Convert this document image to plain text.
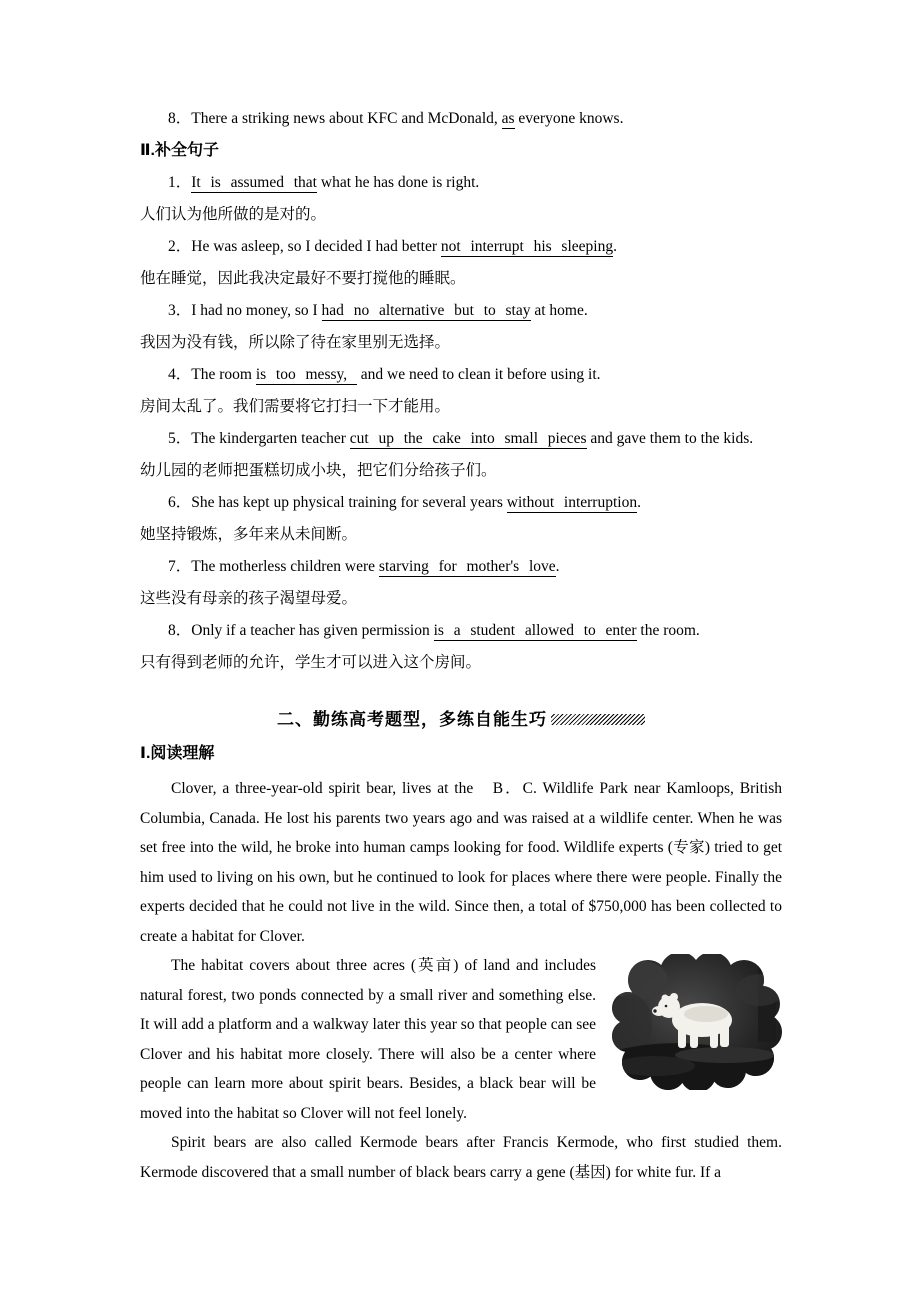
8．There a striking news about KFC and McDonald, as everyone knows.
Ⅱ.补全句子
1．It is assumed that what he has done is right.
人们认为他所做的是对的。
2．He was asleep, so I decided I had better not interrupt his sleeping.
他在睡觉，因此我决定最好不要打搅他的睡眠。
3．I had no money, so I had no alternative but to stay at home.
我因为没有钱，所以除了待在家里别无选择。
4．The room is too messy,  and we need to clean it before using it.
房间太乱了。我们需要将它打扫一下才能用。
5．The kindergarten teacher cut up the cake into small pieces and gave them to the kids.
幼儿园的老师把蛋糕切成小块，把它们分给孩子们。
6．She has kept up physical training for several years without interruption.
她坚持锻炼，多年来从未间断。
7．The motherless children were starving for mother's love.
这些没有母亲的孩子渴望母爱。
8．Only if a teacher has given permission is a student allowed to enter the room.
只有得到老师的允许，学生才可以进入这个房间。
二、勤练高考题型，多练自能生巧
Ⅰ.阅读理解

Clover, a three-year-old spirit bear, lives at the　B．C. Wildlife Park near Kamloops, British Columbia, Canada. He lost his parents two years ago and was raised at a wildlife center. When he was set free into the wild, he broke into human camps looking for food. Wildlife experts (专家) tried to get him used to living on his own, but he continued to look for places where there were people. Finally the experts decided that he could not live in the wild. Since then, a total of $750,000 has been collected to create a habitat for Clover.

The habitat covers about three acres (英亩) of land and includes natural forest, two ponds connected by a small river and something else. It will add a platform and a walkway later this year so that people can see Clover and his habitat more closely. There will also be a center where people can learn more about spirit bears. Besides, a black bear will be moved into the habitat so Clover will not feel lonely.

Spirit bears are also called Kermode bears after Francis Kermode, who first studied them. Kermode discovered that a small number of black bears carry a gene (基因) for white fur. If a
